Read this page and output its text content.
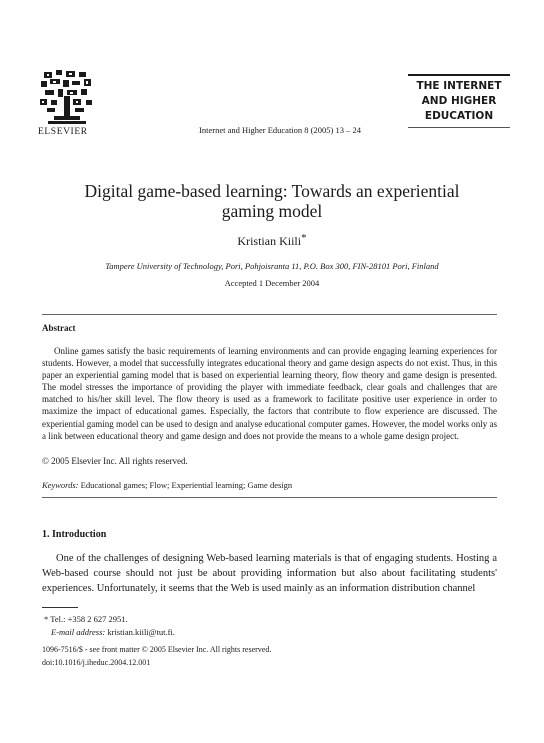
ELSEVIER	Internet and Higher Education 8 (2005) 13 – 24
THE INTERNET
AND HIGHER
EDUCATION
Digital game-based learning: Towards an experiential
gaming model
Kristian Kiili*
Tampere University of Technology, Pori, Pohjoisranta 11, P.O. Box 300, FIN-28101 Pori, Finland
Accepted 1 December 2004
Abstract

Online games satisfy the basic requirements of learning environments and can provide engaging learning experiences for students. However, a model that successfully integrates educational theory and game design aspects do not exist. Thus, in this paper an experiential gaming model that is based on experiential learning theory, flow theory and game design is presented. The model stresses the importance of providing the player with immediate feedback, clear goals and challenges that are matched to his/her skill level. The flow theory is used as a framework to facilitate positive user experience in order to maximize the impact of educational games. Especially, the factors that contribute to flow experience are discussed. The experiential gaming model can be used to design and analyse educational computer games. However, the model works only as a link between educational theory and game design and does not provide the means to a whole game design project.

© 2005 Elsevier Inc. All rights reserved.
Keywords: Educational games; Flow; Experiential learning; Game design
1. Introduction

One of the challenges of designing Web-based learning materials is that of engaging students. Hosting a Web-based course should not just be about providing information but also about facilitating students' experiences. Unfortunately, it seems that the Web is used mainly as an information distribution channel

* Tel.: +358 2 627 2951.
E-mail address: kristian.kiili@tut.fi.
1096-7516/$ - see front matter © 2005 Elsevier Inc. All rights reserved.
doi:10.1016/j.iheduc.2004.12.001
